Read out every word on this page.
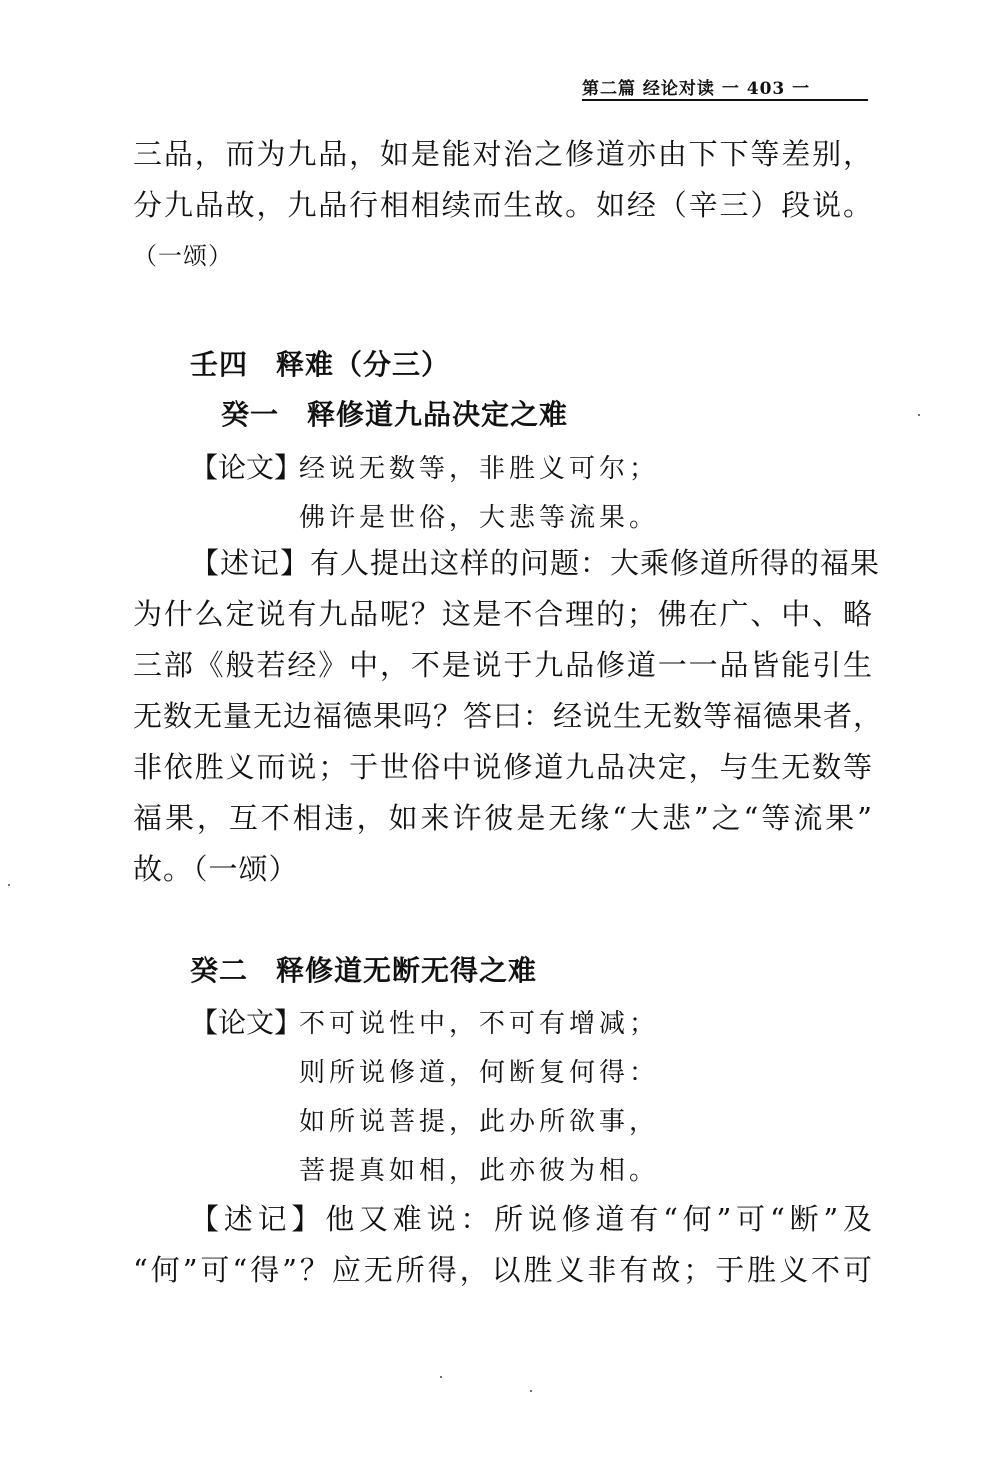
第二篇 经论对读 一 403 一
三品，而为九品，如是能对治之修道亦由下下等差别，
分九品故，九品行相相续而生故。如经（辛三）段说。
（一颂）
壬四 释难（分三）
癸一 释修道九品决定之难
【论文】
经说无数等，非胜义可尔；
佛许是世俗，大悲等流果。
【述记】有人提出这样的问题：大乘修道所得的福果
为什么定说有九品呢？这是不合理的；佛在广、中、略
三部《般若经》中，不是说于九品修道一一品皆能引生
无数无量无边福德果吗？答曰：经说生无数等福德果者，
非依胜义而说；于世俗中说修道九品决定，与生无数等
福果，互不相违，如来许彼是无缘“大悲”之“等流果”
故。（一颂）
癸二 释修道无断无得之难
【论文】
不可说性中，不可有增减；
则所说修道，何断复何得：
如所说菩提，此办所欲事，
菩提真如相，此亦彼为相。
【述记】他又难说：所说修道有“何”可“断”及
“何”可“得”？应无所得，以胜义非有故；于胜义不可
